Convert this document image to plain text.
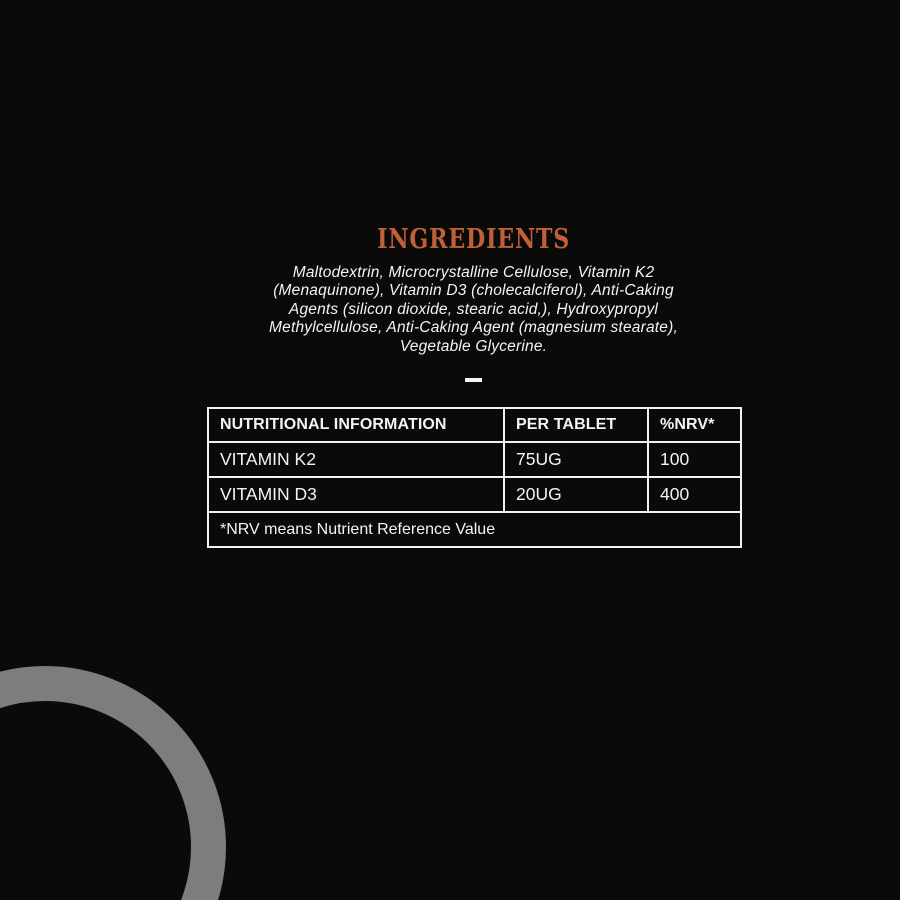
INGREDIENTS
Maltodextrin, Microcrystalline Cellulose, Vitamin K2
(Menaquinone), Vitamin D3 (cholecalciferol), Anti-Caking
Agents (silicon dioxide, stearic acid,), Hydroxypropyl
Methylcellulose, Anti-Caking Agent (magnesium stearate),
Vegetable Glycerine.
NUTRITIONAL INFORMATION	PER TABLET	%NRV*
VITAMIN K2	75UG	100
VITAMIN D3	20UG	400
*NRV means Nutrient Reference Value		
